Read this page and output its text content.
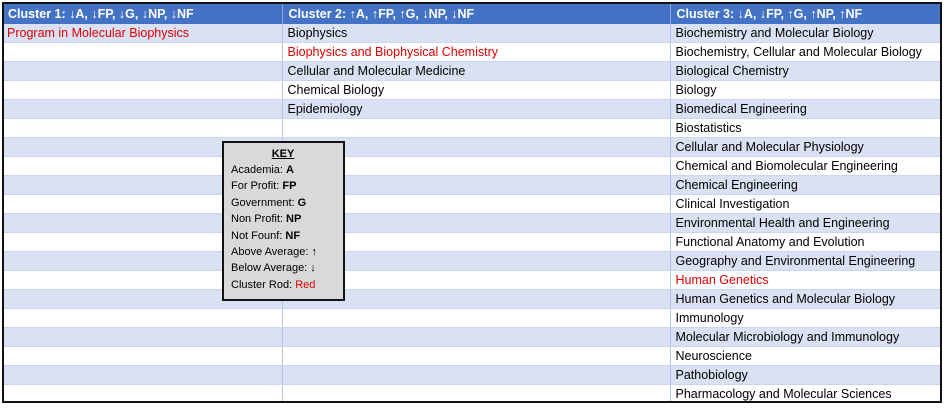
Cluster 1: ↓A, ↓FP, ↓G, ↓NP, ↓NF	Cluster 2: ↑A, ↑FP, ↑G, ↓NP, ↓NF	Cluster 3: ↓A, ↓FP, ↑G, ↑NP, ↑NF
Program in Molecular Biophysics	Biophysics	Biochemistry and Molecular Biology
	Biophysics and Biophysical Chemistry	Biochemistry, Cellular and Molecular Biology
	Cellular and Molecular Medicine	Biological Chemistry
	Chemical Biology	Biology
	Epidemiology	Biomedical Engineering
		Biostatistics
		Cellular and Molecular Physiology
		Chemical and Biomolecular Engineering
		Chemical Engineering
		Clinical Investigation
		Environmental Health and Engineering
		Functional Anatomy and Evolution
		Geography and Environmental Engineering
		Human Genetics
		Human Genetics and Molecular Biology
		Immunology
		Molecular Microbiology and Immunology
		Neuroscience
		Pathobiology
		Pharmacology and Molecular Sciences
KEY
Academia: A
For Profit: FP
Government: G
Non Profit: NP
Not Founf: NF
Above Average: ↑
Below Average: ↓
Cluster Rod: Red
